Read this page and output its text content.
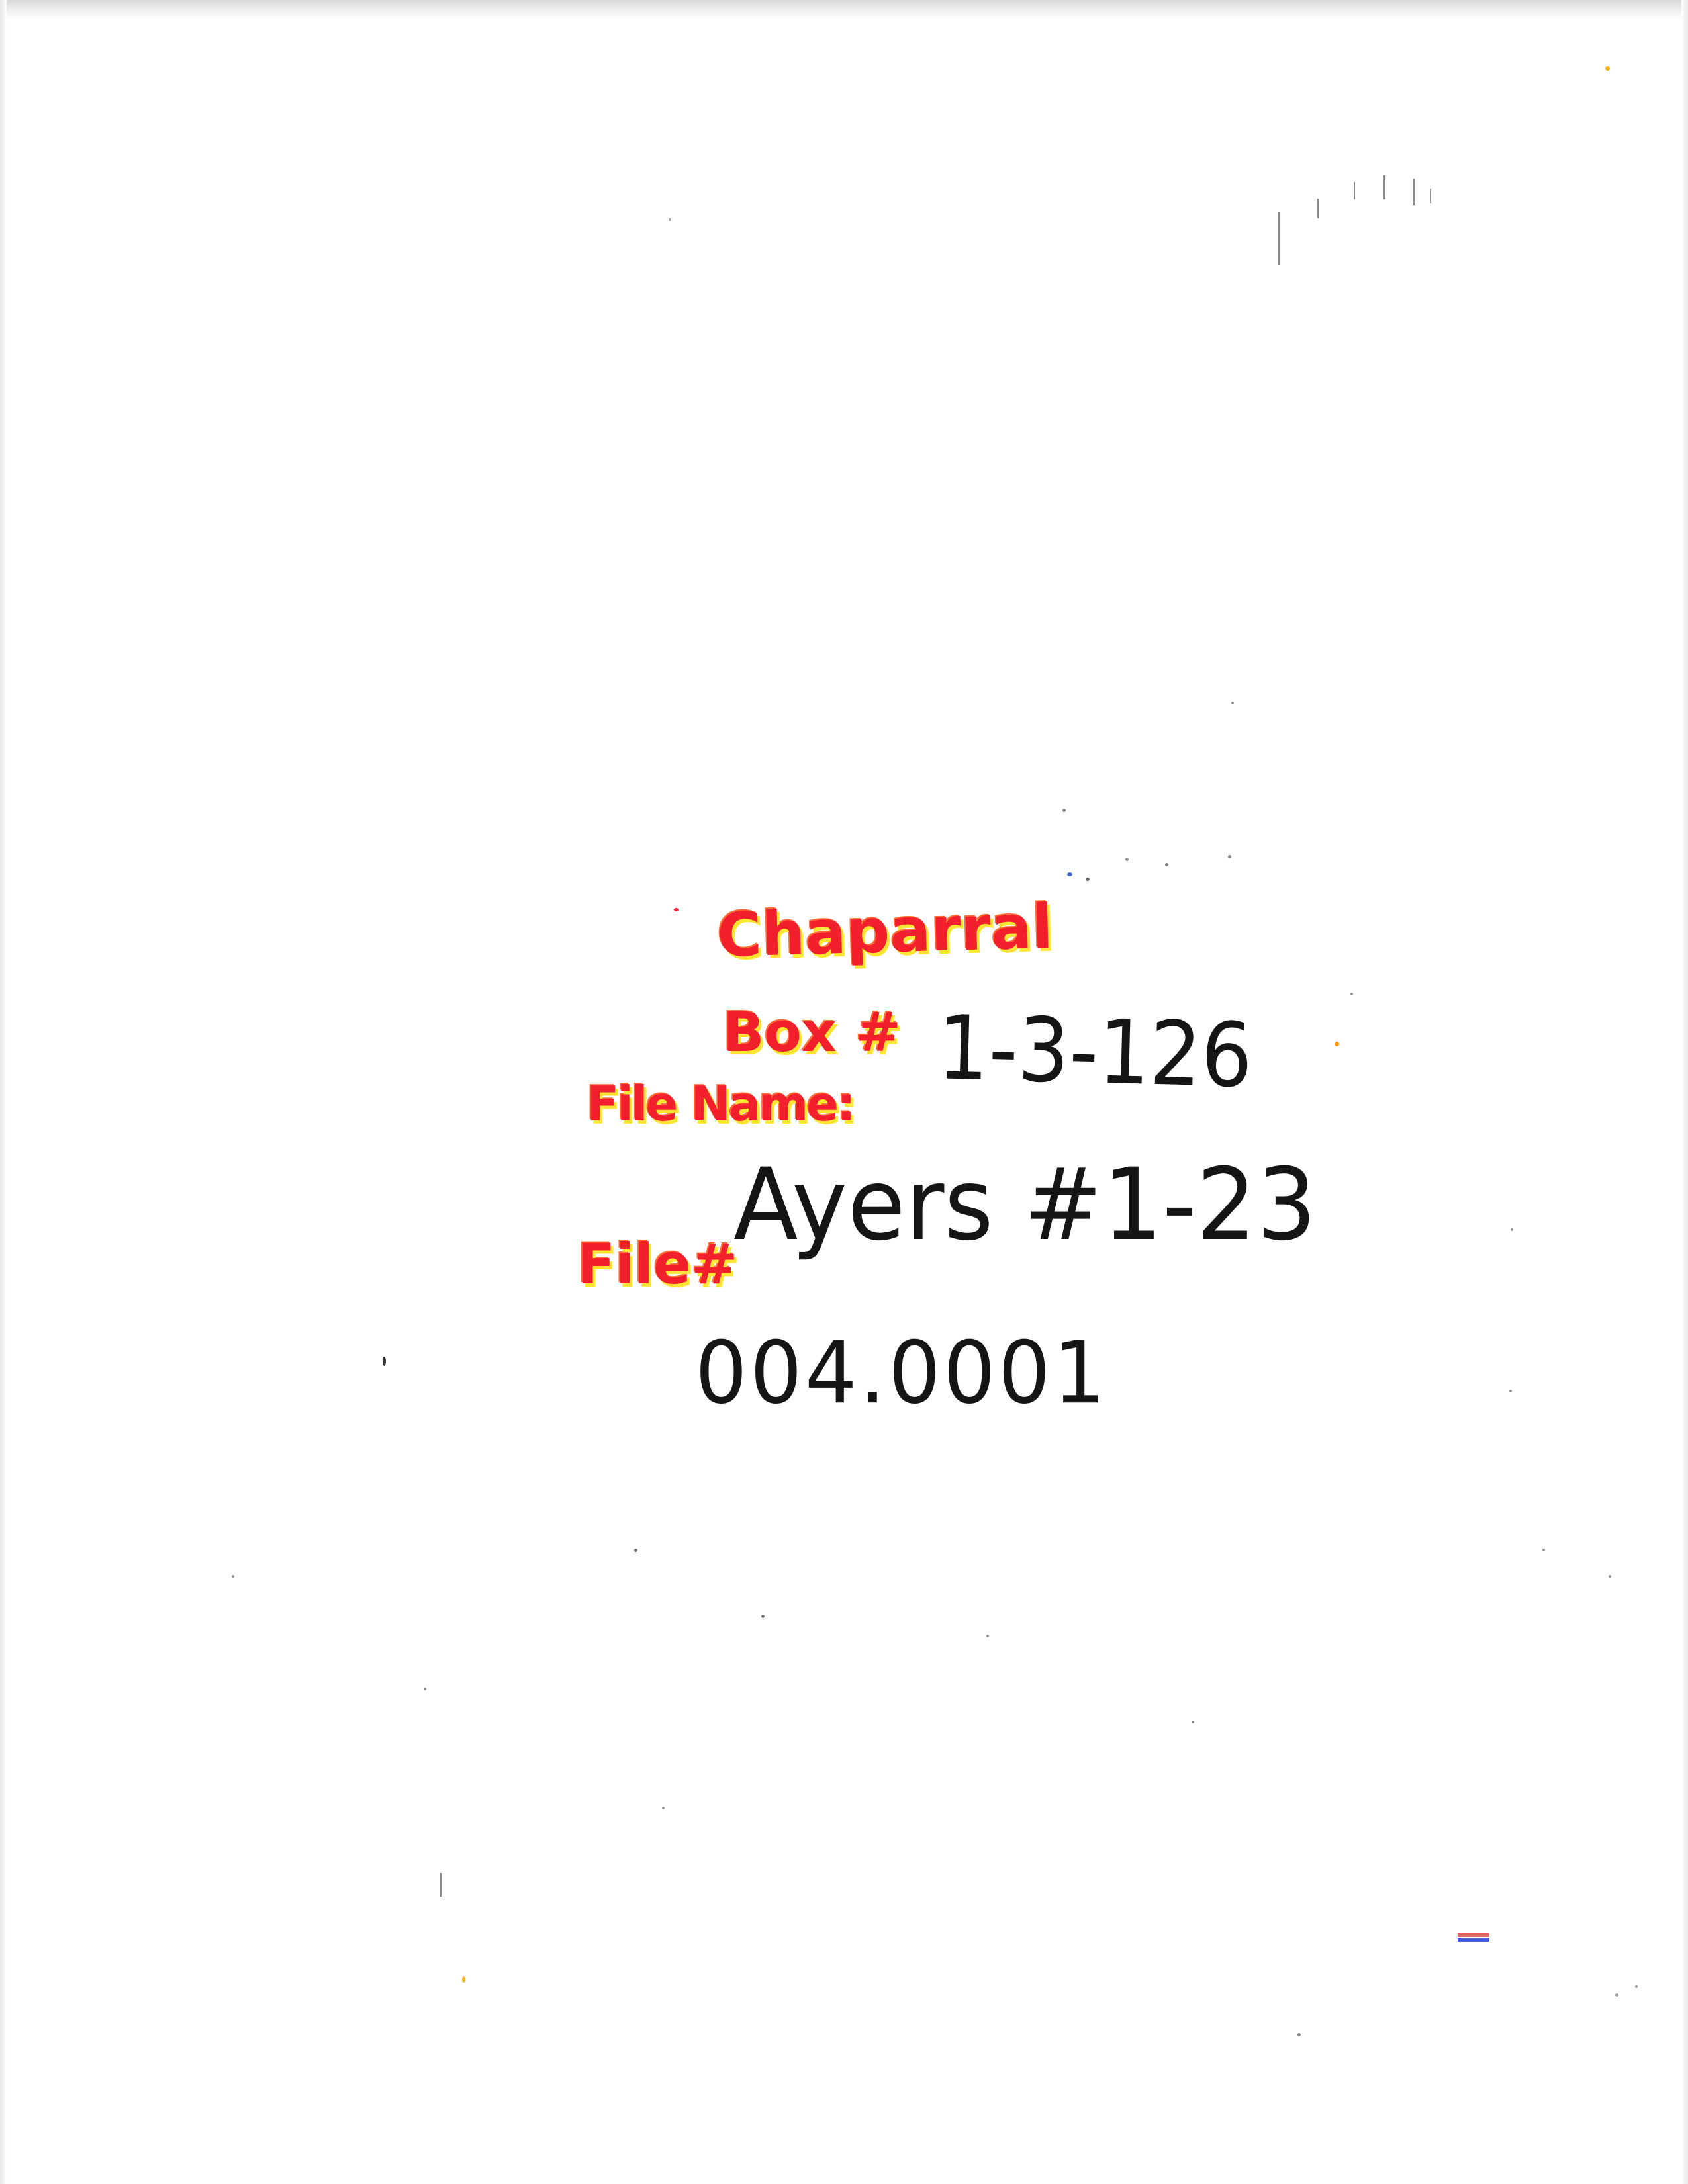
Chaparral
Box #
File Name:
File#
1-3-126
Ayers #1-23
004.0001
